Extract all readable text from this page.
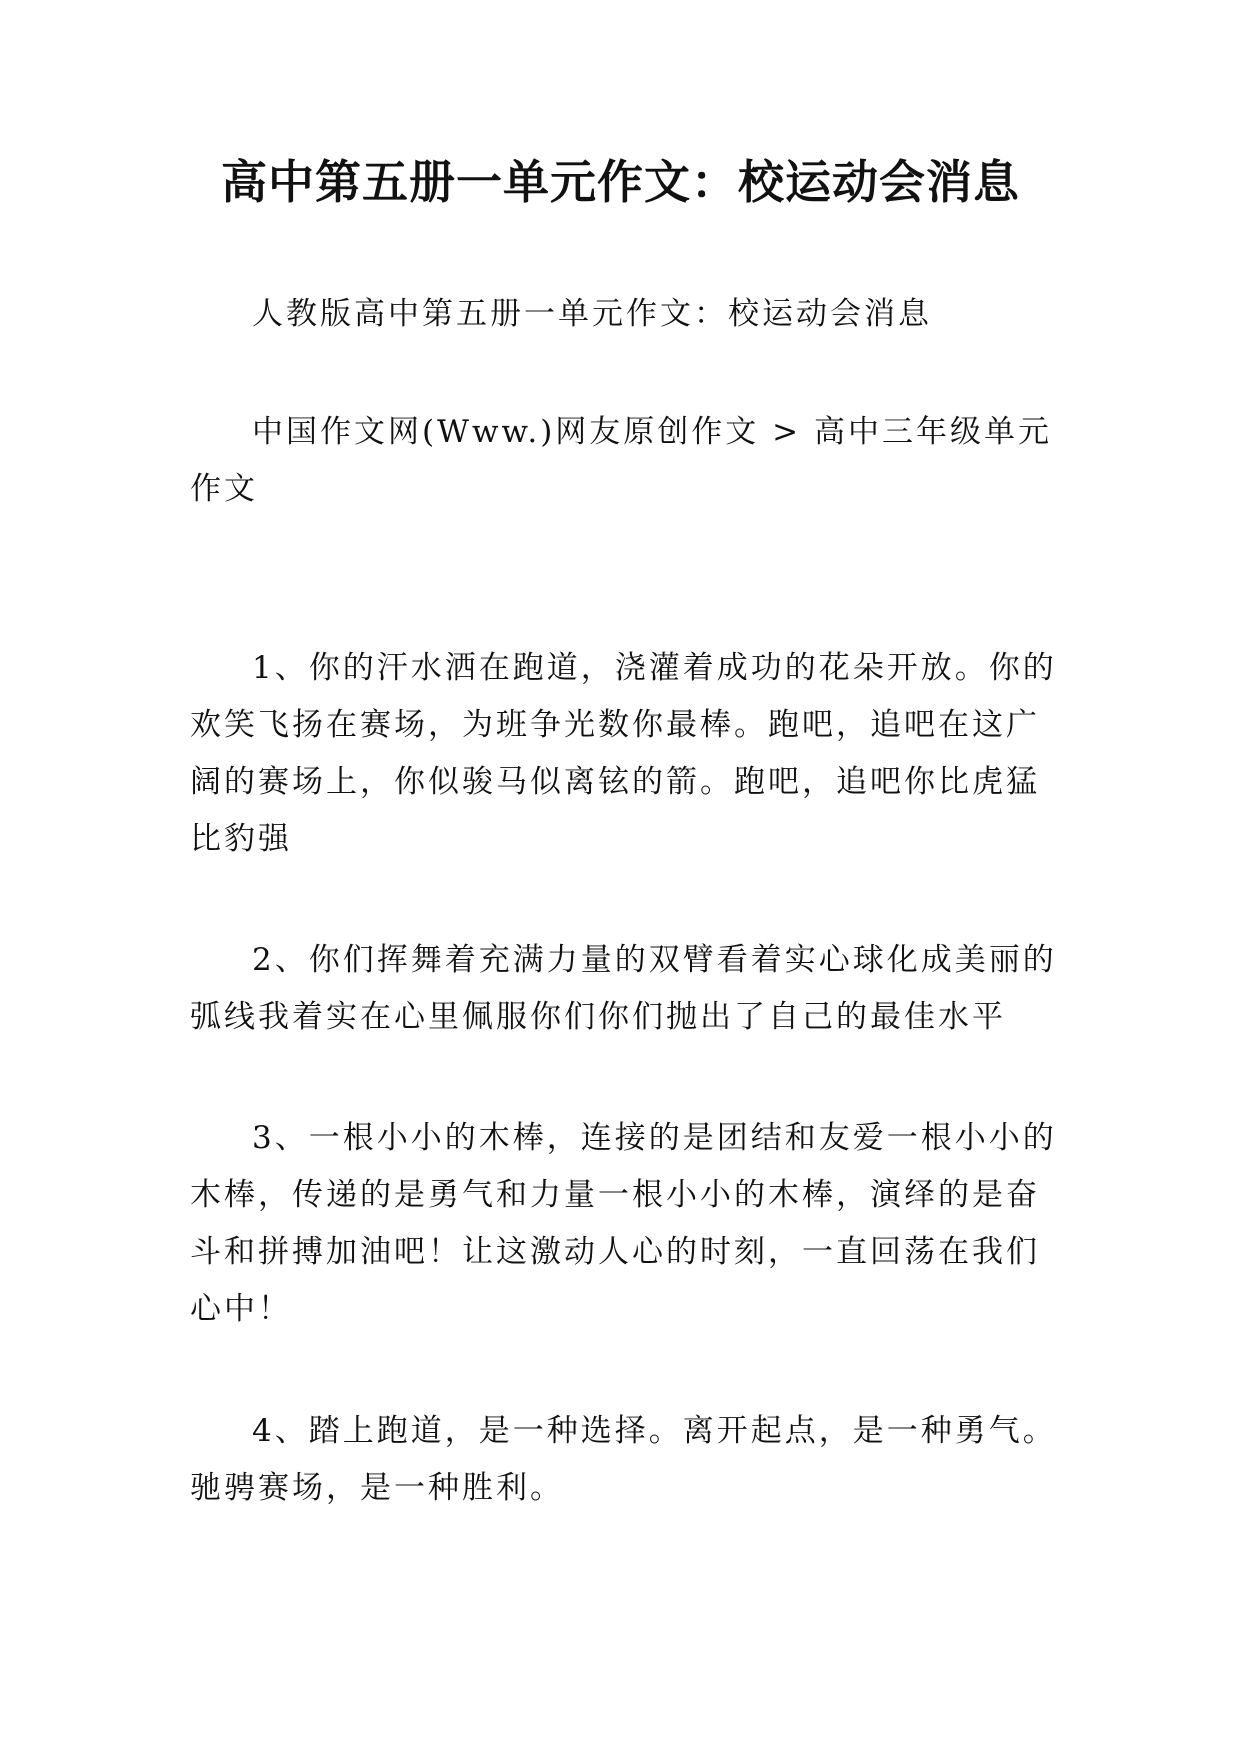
高中第五册一单元作文：校运动会消息

人教版高中第五册一单元作文：校运动会消息

中国作文网(Www.)网友原创作文 > 高中三年级单元作文

1、你的汗水洒在跑道，浇灌着成功的花朵开放。你的欢笑飞扬在赛场，为班争光数你最棒。跑吧，追吧在这广阔的赛场上，你似骏马似离铉的箭。跑吧，追吧你比虎猛比豹强

2、你们挥舞着充满力量的双臂看着实心球化成美丽的弧线我着实在心里佩服你们你们抛出了自己的最佳水平

3、一根小小的木棒，连接的是团结和友爱一根小小的木棒，传递的是勇气和力量一根小小的木棒，演绎的是奋斗和拼搏加油吧！让这激动人心的时刻，一直回荡在我们心中！

4、踏上跑道，是一种选择。离开起点，是一种勇气。驰骋赛场，是一种胜利。
